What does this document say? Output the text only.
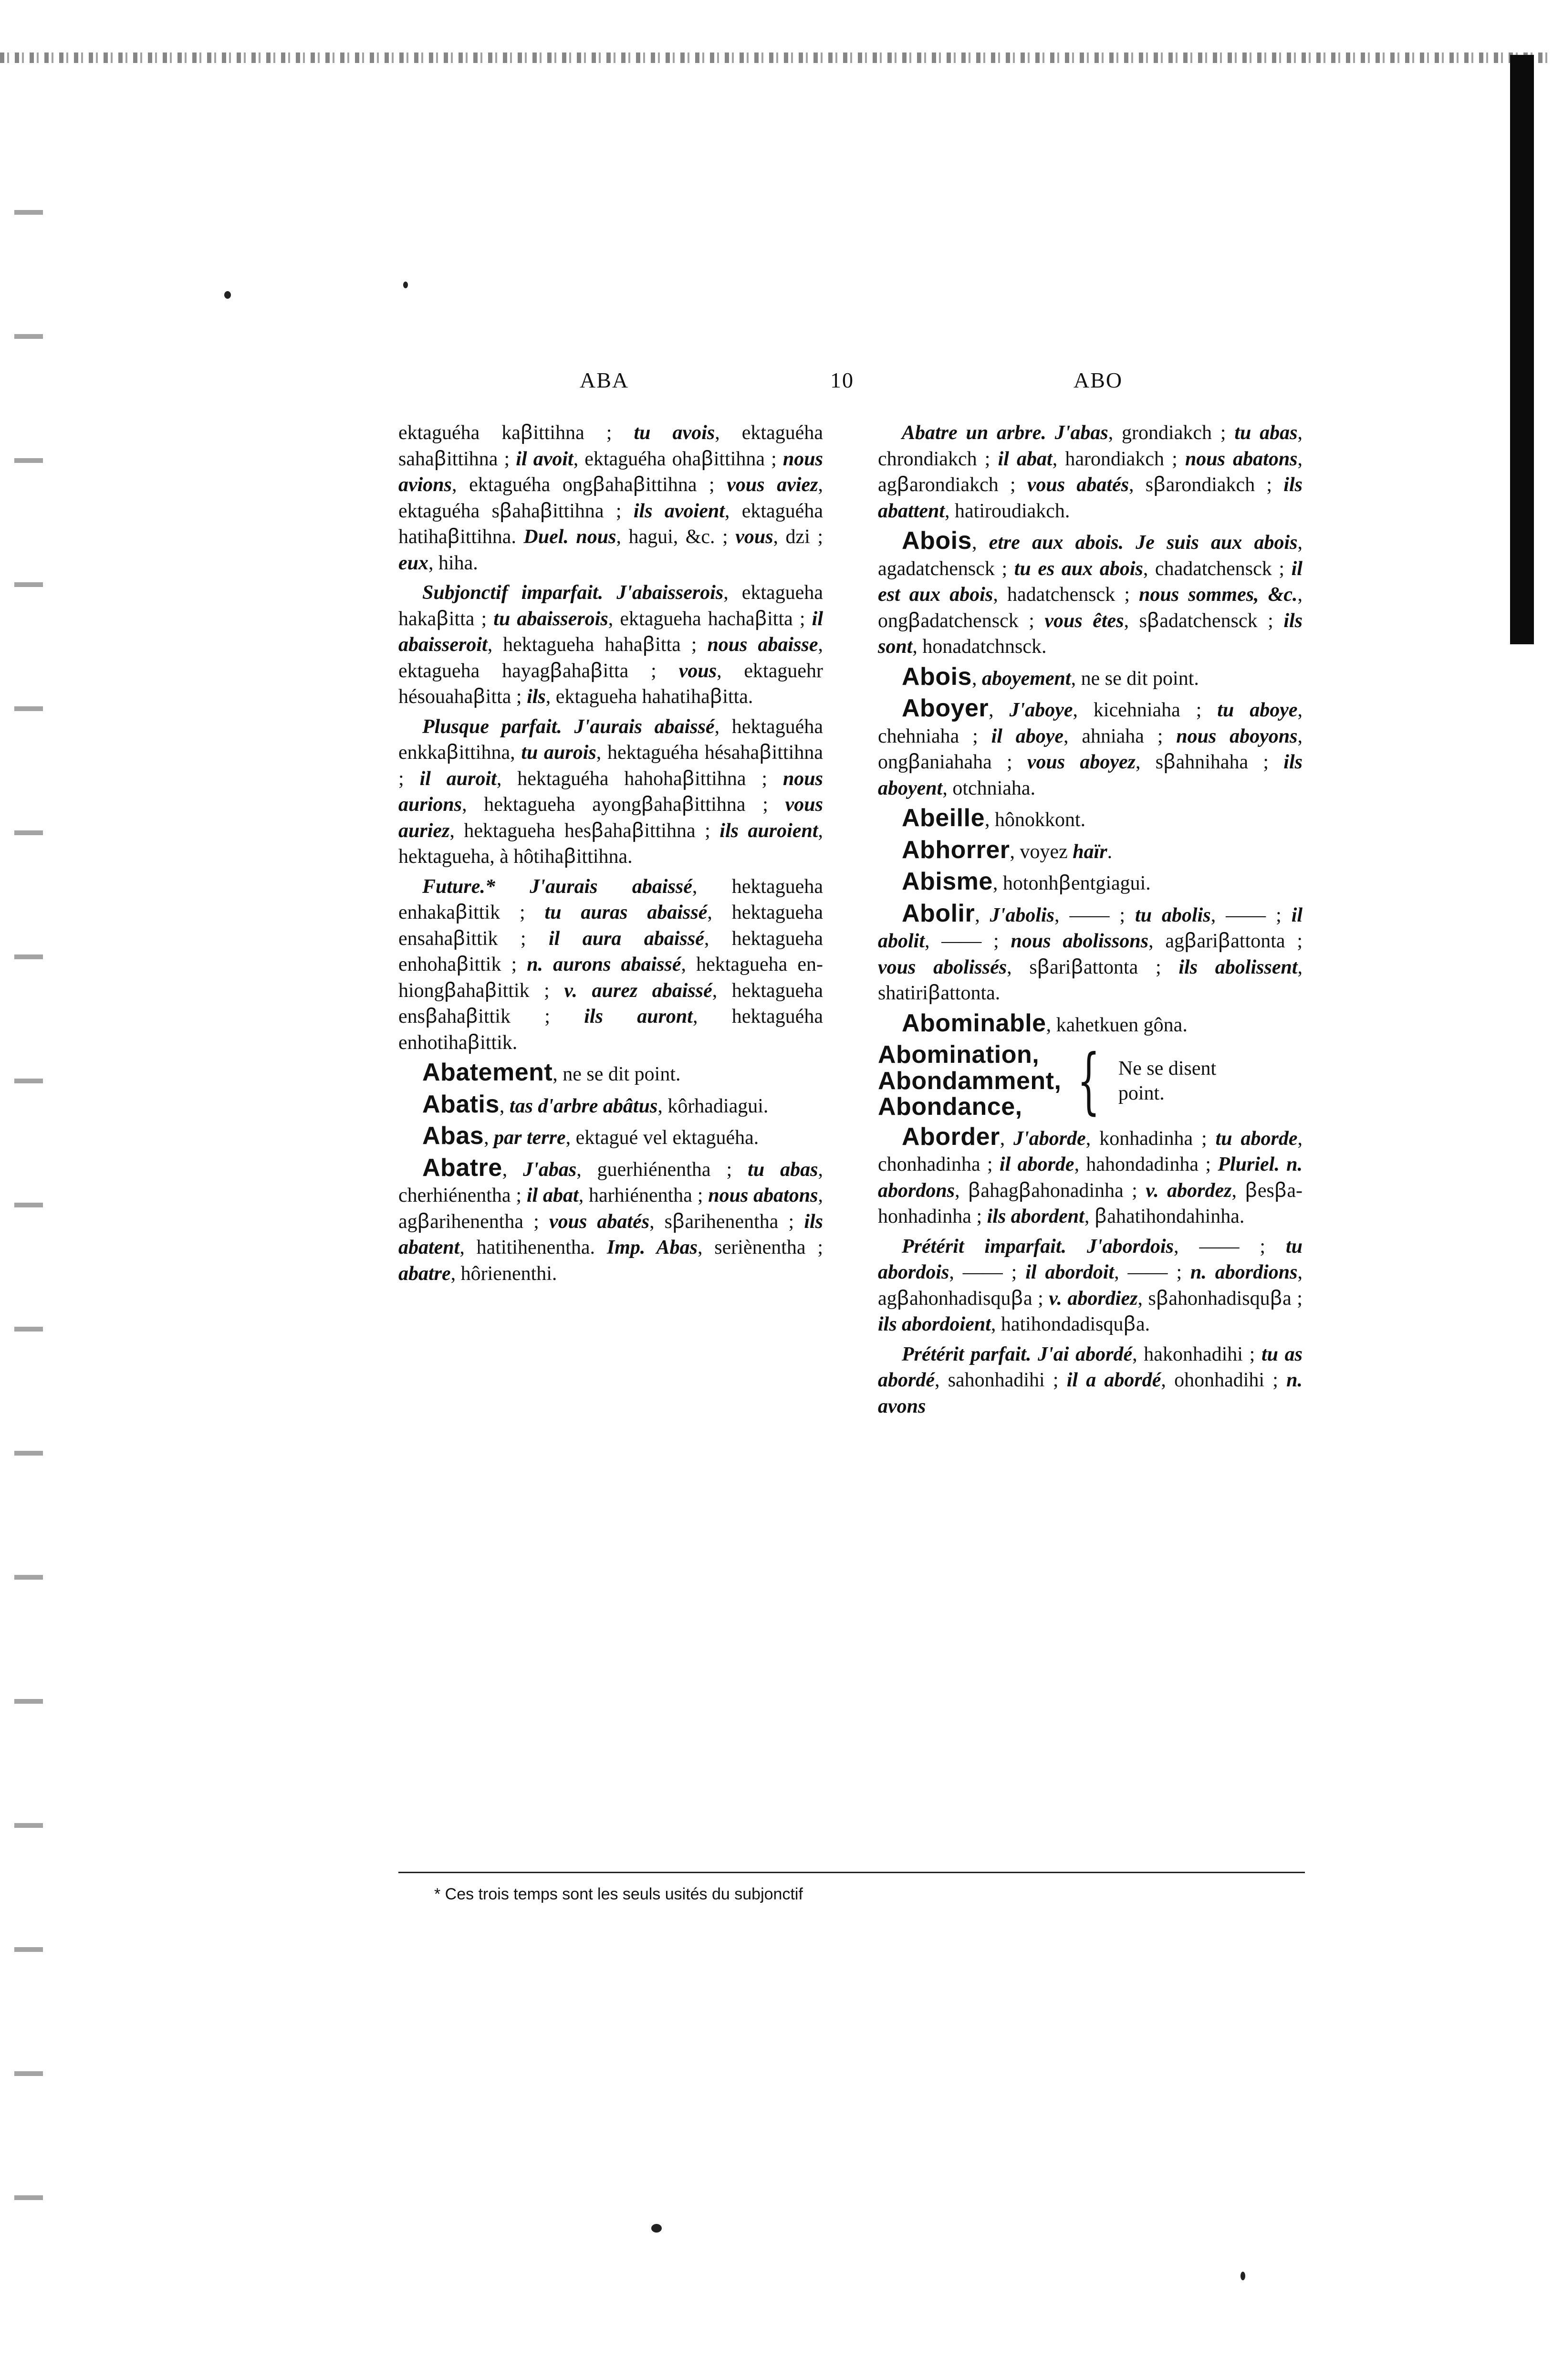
ABA	10	ABO

ektaguéha kaꞵittihna ; tu avois, ektaguéha sahaꞵittihna ; il avoit, ektaguéha ohaꞵittihna ; nous avions, ektaguéha ongꞵahaꞵittihna ; vous aviez, ektaguéha sꞵahaꞵittihna ; ils avoient, ektaguéha hatihaꞵittihna. Duel. nous, hagui, &c. ; vous, dzi ; eux, hiha.

Subjonctif imparfait. J'abaisserois, ektagueha hakaꞵitta ; tu abaisserois, ektagueha hachaꞵitta ; il abaisseroit, hektagueha hahaꞵitta ; nous abaisse, ektagueha hayagꞵahaꞵitta ; vous, ektaguehr hésouahaꞵitta ; ils, ektagueha hahatihaꞵitta.

Plusque parfait. J'aurais abaissé, hektaguéha enkkaꞵittihna, tu aurois, hektaguéha hésahaꞵittihna ; il auroit, hektaguéha hahohaꞵittihna ; nous aurions, hektagueha ayongꞵahaꞵittihna ; vous auriez, hektagueha hesꞵahaꞵittihna ; ils auroient, hektagueha, à hôtihaꞵittihna.

Future.* J'aurais abaissé, hektagueha enhakaꞵittik ; tu auras abaissé, hektagueha ensahaꞵittik ; il aura abaissé, hektagueha enhohaꞵittik ; n. aurons abaissé, hektagueha enhiongꞵahaꞵittik ; v. aurez abaissé, hektagueha ensꞵahaꞵittik ; ils auront, hektaguéha enhotihaꞵittik.

Abatement, ne se dit point.

Abatis, tas d'arbre abâtus, kôrhadiagui.

Abas, par terre, ektagué vel ektaguéha.

Abatre, J'abas, guerhiénentha ; tu abas, cherhiénentha ; il abat, harhiénentha ; nous abatons, agꞵarihenentha ; vous abatés, sꞵarihenentha ; ils abatent, hatitihenentha. Imp. Abas, seriènentha ; abatre, hôrienenthi.

Abatre un arbre. J'abas, grondiakch ; tu abas, chrondiakch ; il abat, harondiakch ; nous abatons, agꞵarondiakch ; vous abatés, sꞵarondiakch ; ils abattent, hatiroudiakch.

Abois, etre aux abois. Je suis aux abois, agadatchensck ; tu es aux abois, chadatchensck ; il est aux abois, hadatchensck ; nous sommes, &c., ongꞵadatchensck ; vous êtes, sꞵadatchensck ; ils sont, honadatchnsck.

Abois, aboyement, ne se dit point.

Aboyer, J'aboye, kicehniaha ; tu aboye, chehniaha ; il aboye, ahniaha ; nous aboyons, ongꞵaniahaha ; vous aboyez, sꞵahnihaha ; ils aboyent, otchniaha.

Abeille, hônokkont.

Abhorrer, voyez haïr.

Abisme, hotonhꞵentgiagui.

Abolir, J'abolis, —— ; tu abolis, —— ; il abolit, —— ; nous abolissons, agꞵariꞵattonta ; vous abolissés, sꞵariꞵattonta ; ils abolissent, shatiriꞵattonta.

Abominable, kahetkuen gôna.

Abomination,
Abondamment,
Abondance, { Ne se disent
point.

Aborder, J'aborde, konhadinha ; tu aborde, chonhadinha ; il aborde, hahondadinha ; Pluriel. n. abordons, ꞵahagꞵahonadinha ; v. abordez, ꞵesꞵahonhadinha ; ils abordent, ꞵahatihondahinha.

Prétérit imparfait. J'abordois, —— ; tu abordois, —— ; il abordoit, —— ; n. abordions, agꞵahonhadisquꞵa ; v. abordiez, sꞵahonhadisquꞵa ; ils abordoient, hatihondadisquꞵa.

Prétérit parfait. J'ai abordé, hakonhadihi ; tu as abordé, sahonhadihi ; il a abordé, ohonhadihi ; n. avons

* Ces trois temps sont les seuls usités du subjonctif
